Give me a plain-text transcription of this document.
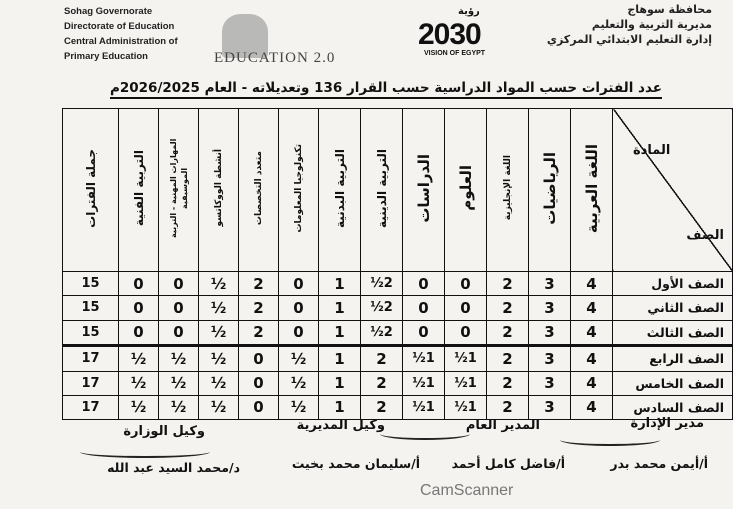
Sohag Governorate
Directorate of Education
Central Administration of
Primary Education	EDUCATION 2.0
رؤية
2030
VISION OF EGYPT
محافظة سوهاج
مديرية التربية والتعليم
إدارة التعليم الابتدائي المركزي
عدد الفترات حسب المواد الدراسية حسب القرار 136 وتعديلاته - العام 2026/2025م
الصف
المادة	اللغة العربية	الرياضيات	اللغة الإنجليزية	العلوم	الدراسات	التربية الدينية	التربية البدنية	تكنولوجيا المعلومات	متعدد التخصصات	أنشطة الووكاتسو	المهارات المهنية - التربية الموسيقية	التربية الفنية	جملة الفترات
الصف الأول	4	3	2	0	0	2½	1	0	2	½	0	0	15
الصف الثاني	4	3	2	0	0	2½	1	0	2	½	0	0	15
الصف الثالث	4	3	2	0	0	2½	1	0	2	½	0	0	15
الصف الرابع	4	3	2	1½	1½	2	1	½	0	½	½	½	17
الصف الخامس	4	3	2	1½	1½	2	1	½	0	½	½	½	17
الصف السادس	4	3	2	1½	1½	2	1	½	0	½	½	½	17
مدير الإدارة
المدير العام
وكيل المديرية
وكيل الوزارة
أ/أيمن محمد بدر
أ/فاضل كامل أحمد
أ/سليمان محمد بخيت
د/محمد السيد عبد الله
CamScanner
